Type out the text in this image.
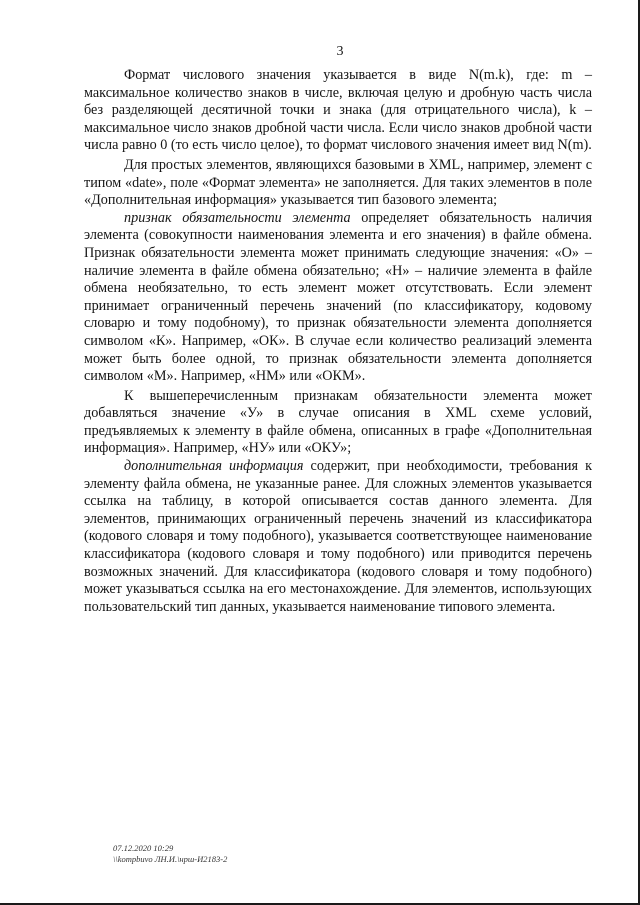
3

Формат числового значения указывается в виде N(m.k), где: m – максимальное количество знаков в числе, включая целую и дробную часть числа без разделяющей десятичной точки и знака (для отрицательного числа), k – максимальное число знаков дробной части числа. Если число знаков дробной части числа равно 0 (то есть число целое), то формат числового значения имеет вид N(m).

Для простых элементов, являющихся базовыми в XML, например, элемент с типом «date», поле «Формат элемента» не заполняется. Для таких элементов в поле «Дополнительная информация» указывается тип базового элемента;

признак обязательности элемента определяет обязательность наличия элемента (совокупности наименования элемента и его значения) в файле обмена. Признак обязательности элемента может принимать следующие значения: «О» – наличие элемента в файле обмена обязательно; «Н» – наличие элемента в файле обмена необязательно, то есть элемент может отсутствовать. Если элемент принимает ограниченный перечень значений (по классификатору, кодовому словарю и тому подобному), то признак обязательности элемента дополняется символом «К». Например, «ОК». В случае если количество реализаций элемента может быть более одной, то признак обязательности элемента дополняется символом «М». Например, «НМ» или «ОКМ».

К вышеперечисленным признакам обязательности элемента может добавляться значение «У» в случае описания в XML схеме условий, предъявляемых к элементу в файле обмена, описанных в графе «Дополнительная информация». Например, «НУ» или «ОКУ»;

дополнительная информация содержит, при необходимости, требования к элементу файла обмена, не указанные ранее. Для сложных элементов указывается ссылка на таблицу, в которой описывается состав данного элемента. Для элементов, принимающих ограниченный перечень значений из классификатора (кодового словаря и тому подобного), указывается соответствующее наименование классификатора (кодового словаря и тому подобного) или приводится перечень возможных значений. Для классификатора (кодового словаря и тому подобного) может указываться ссылка на его местонахождение. Для элементов, использующих пользовательский тип данных, указывается наименование типового элемента.

07.12.2020 10:29
\\kompbuvo ЛН.И.\нрш-И2183-2
